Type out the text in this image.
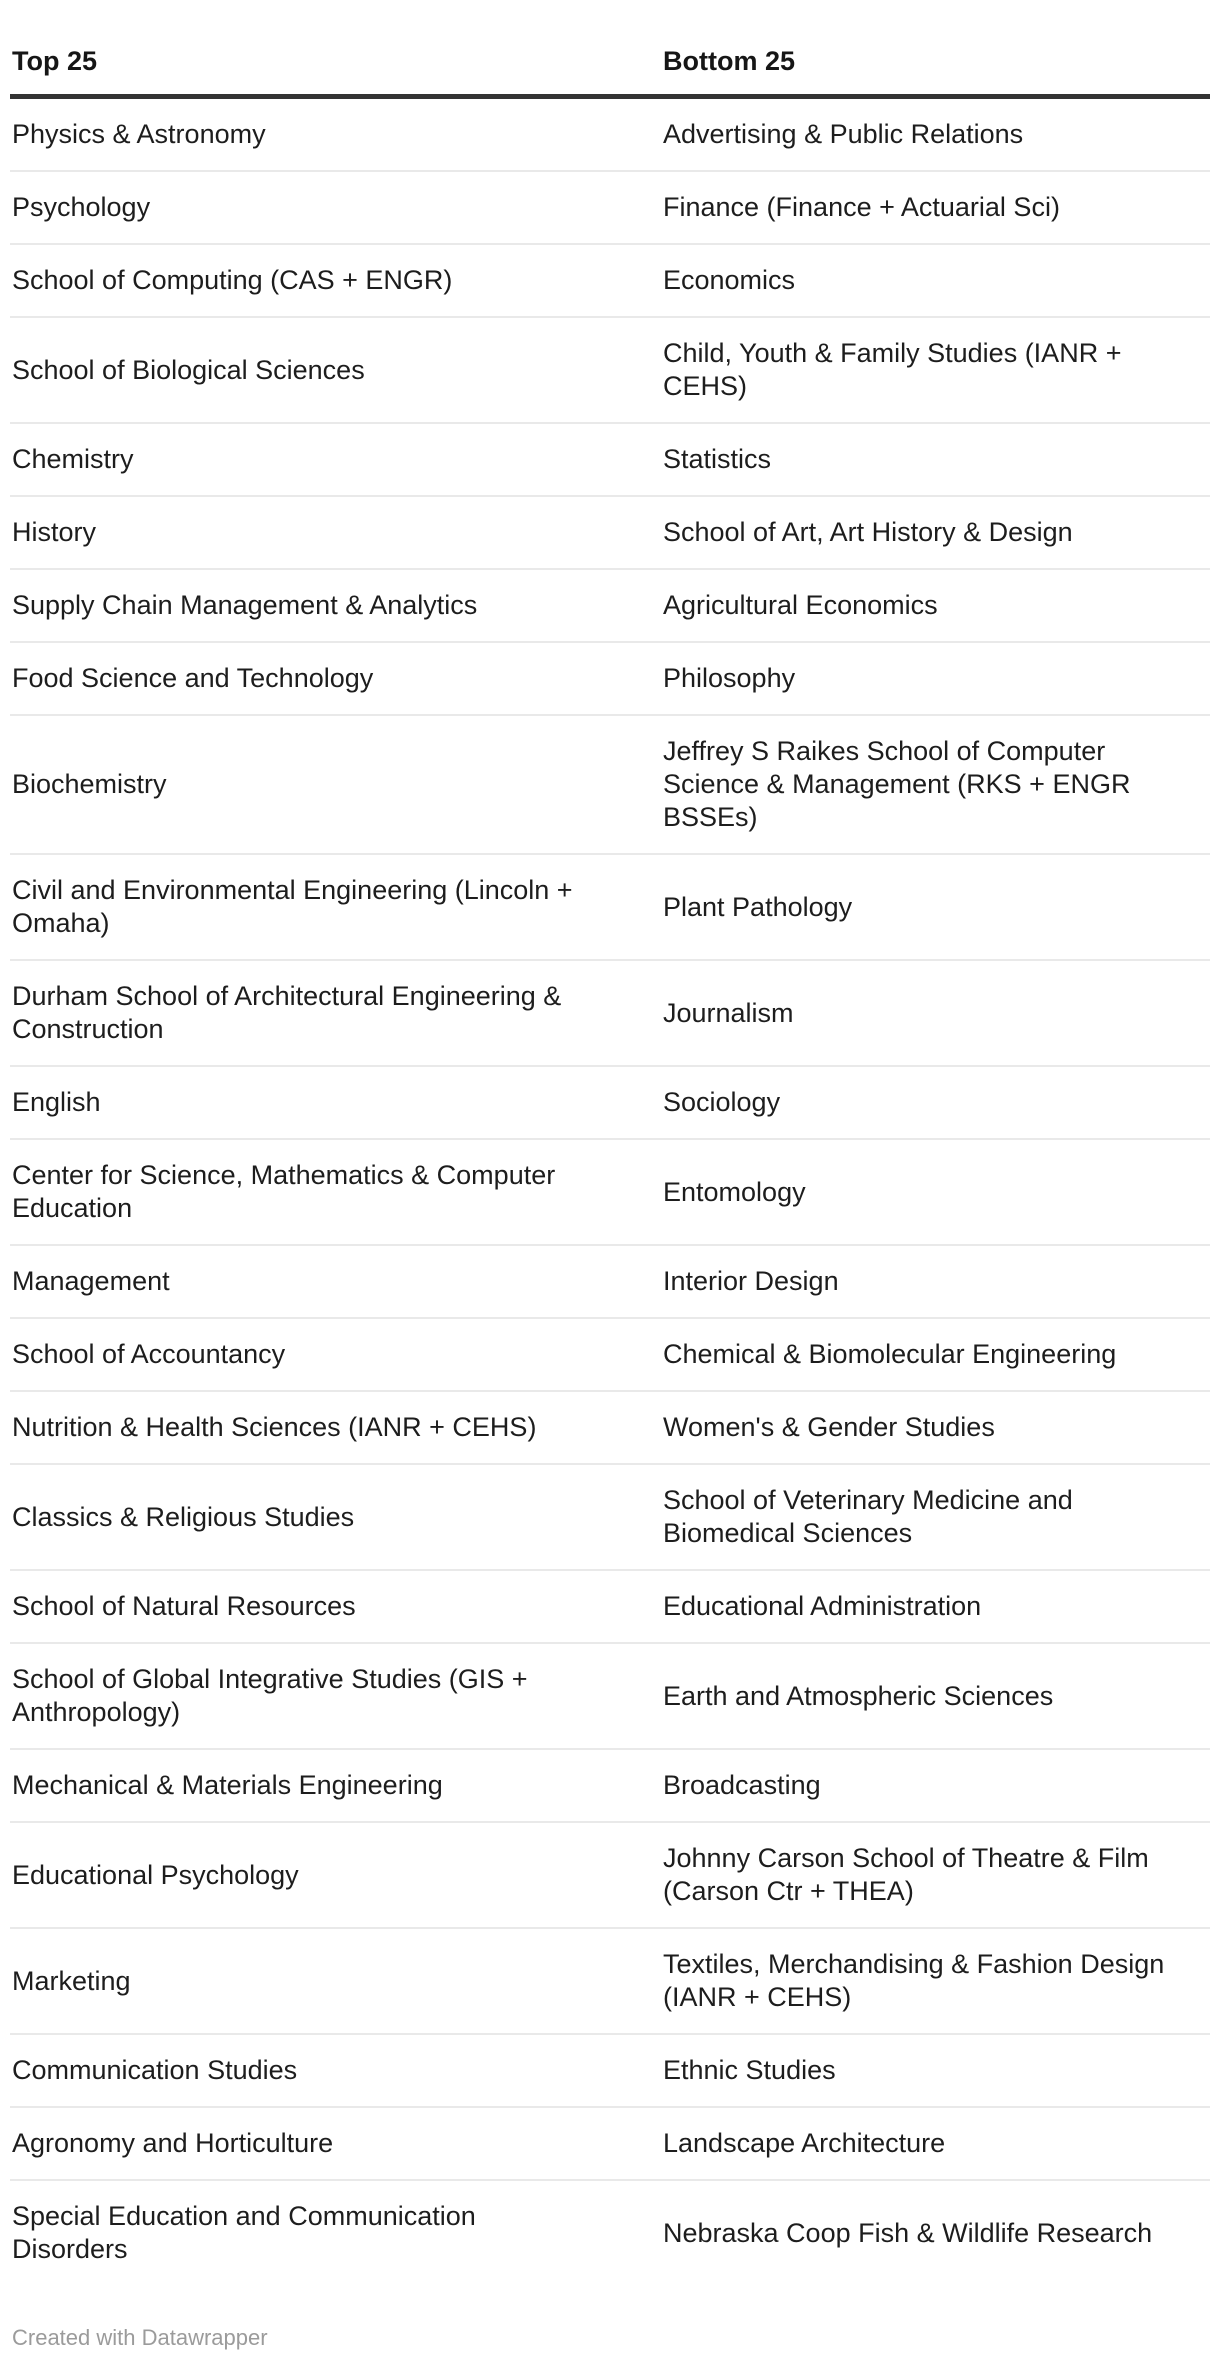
Top 25	Bottom 25
Physics & Astronomy	Advertising & Public Relations
Psychology	Finance (Finance + Actuarial Sci)
School of Computing (CAS + ENGR)	Economics
School of Biological Sciences	Child, Youth & Family Studies (IANR + CEHS)
Chemistry	Statistics
History	School of Art, Art History & Design
Supply Chain Management & Analytics	Agricultural Economics
Food Science and Technology	Philosophy
Biochemistry	Jeffrey S Raikes School of Computer Science & Management (RKS + ENGR BSSEs)
Civil and Environmental Engineering (Lincoln + Omaha)	Plant Pathology
Durham School of Architectural Engineering & Construction	Journalism
English	Sociology
Center for Science, Mathematics & Computer Education	Entomology
Management	Interior Design
School of Accountancy	Chemical & Biomolecular Engineering
Nutrition & Health Sciences (IANR + CEHS)	Women's & Gender Studies
Classics & Religious Studies	School of Veterinary Medicine and Biomedical Sciences
School of Natural Resources	Educational Administration
School of Global Integrative Studies (GIS + Anthropology)	Earth and Atmospheric Sciences
Mechanical & Materials Engineering	Broadcasting
Educational Psychology	Johnny Carson School of Theatre & Film (Carson Ctr + THEA)
Marketing	Textiles, Merchandising & Fashion Design (IANR + CEHS)
Communication Studies	Ethnic Studies
Agronomy and Horticulture	Landscape Architecture
Special Education and Communication Disorders	Nebraska Coop Fish & Wildlife Research
Created with Datawrapper
